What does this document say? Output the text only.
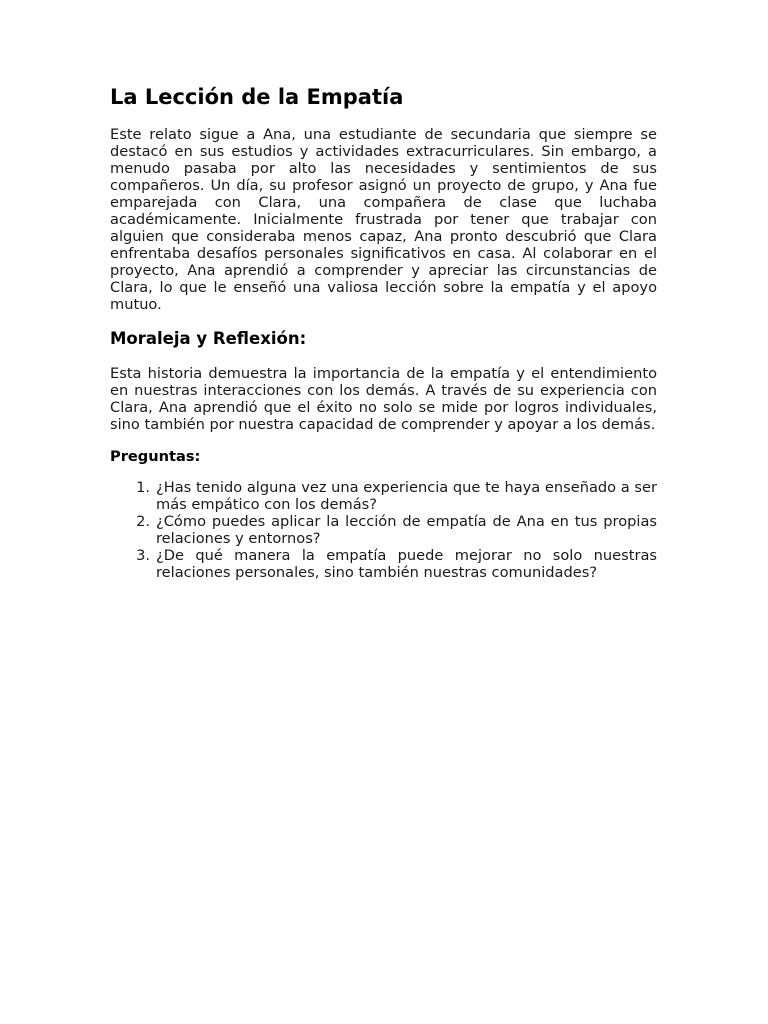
La Lección de la Empatía

Este relato sigue a Ana, una estudiante de secundaria que siempre se destacó en sus estudios y actividades extracurriculares. Sin embargo, a menudo pasaba por alto las necesidades y sentimientos de sus compañeros. Un día, su profesor asignó un proyecto de grupo, y Ana fue emparejada con Clara, una compañera de clase que luchaba académicamente. Inicialmente frustrada por tener que trabajar con alguien que consideraba menos capaz, Ana pronto descubrió que Clara enfrentaba desafíos personales significativos en casa. Al colaborar en el proyecto, Ana aprendió a comprender y apreciar las circunstancias de Clara, lo que le enseñó una valiosa lección sobre la empatía y el apoyo mutuo.

Moraleja y Reflexión:

Esta historia demuestra la importancia de la empatía y el entendimiento en nuestras interacciones con los demás. A través de su experiencia con Clara, Ana aprendió que el éxito no solo se mide por logros individuales, sino también por nuestra capacidad de comprender y apoyar a los demás.

Preguntas:
1. ¿Has tenido alguna vez una experiencia que te haya enseñado a ser más empático con los demás?
2. ¿Cómo puedes aplicar la lección de empatía de Ana en tus propias relaciones y entornos?
3. ¿De qué manera la empatía puede mejorar no solo nuestras relaciones personales, sino también nuestras comunidades?
